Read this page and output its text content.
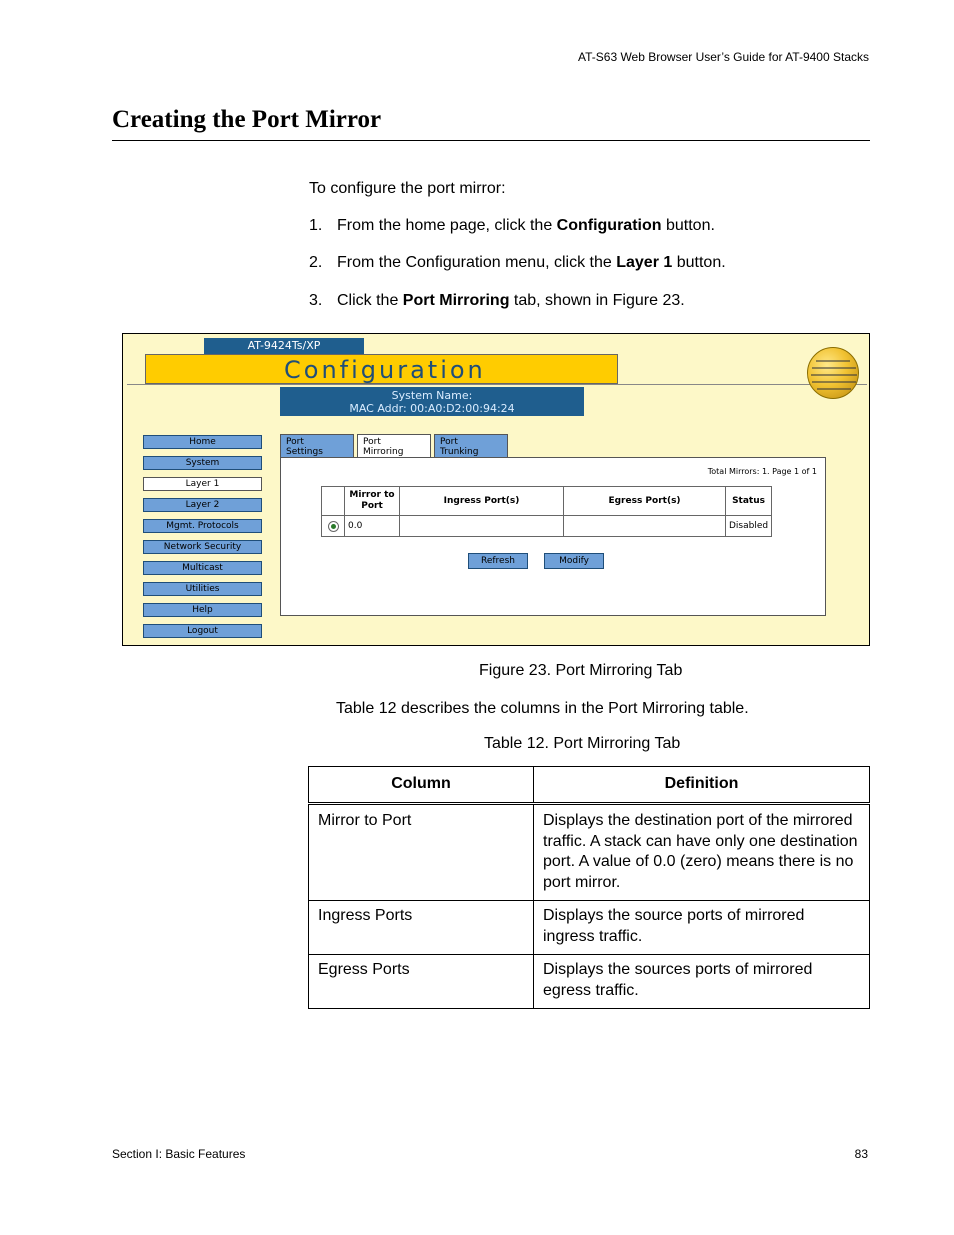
AT-S63 Web Browser User’s Guide for AT-9400 Stacks
Creating the Port Mirror
To configure the port mirror:
1. From the home page, click the Configuration button.
2. From the Configuration menu, click the Layer 1 button.
3. Click the Port Mirroring tab, shown in Figure 23.
AT-9424Ts/XP
Configuration
System Name:
MAC Addr: 00:A0:D2:00:94:24
Home
System
Layer 1
Layer 2
Mgmt. Protocols
Network Security
Multicast
Utilities
Help
Logout
Port
Settings
Port
Mirroring
Port
Trunking
Total Mirrors: 1. Page 1 of 1
	Mirror to Port	Ingress Port(s)	Egress Port(s)	Status
	0.0			Disabled
Refresh	Modify
Figure 23. Port Mirroring Tab
Table 12 describes the columns in the Port Mirroring table.
Table 12. Port Mirroring Tab
Column	Definition
Mirror to Port	Displays the destination port of the mirrored traffic. A stack can have only one destination port. A value of 0.0 (zero) means there is no port mirror.
Ingress Ports	Displays the source ports of mirrored ingress traffic.
Egress Ports	Displays the sources ports of mirrored egress traffic.
Section I: Basic Features	83
